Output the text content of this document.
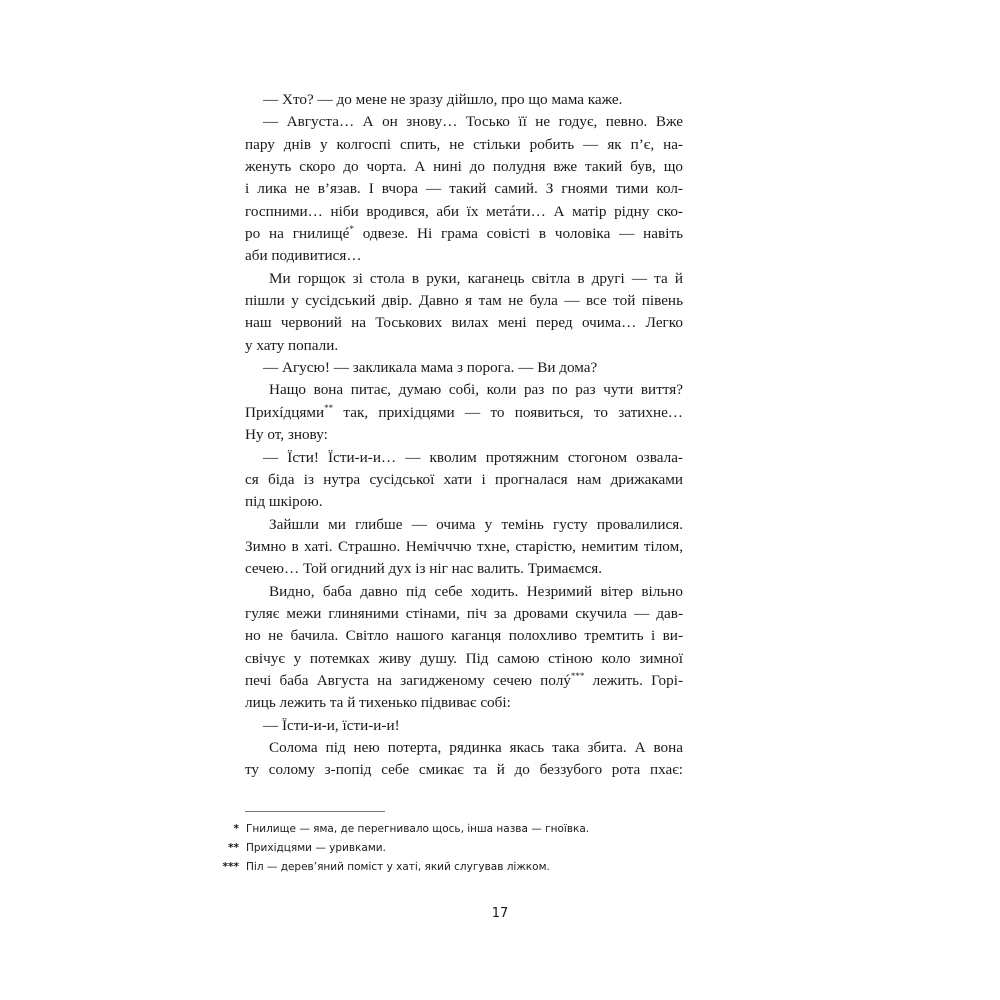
— Хто? — до мене не зразу дійшло, про що мама каже.

— Августа… А он знову… Тосько її не годує, певно. Вже
пару днів у колгоспі спить, не стільки робить — як п’є, на-
женуть скоро до чорта. А нині до полудня вже такий був, що
і лика не в’язав. І вчора — такий самий. З гноями тими кол-
госпними… ніби вродився, аби їх метáти… А матір рідну ско-
ро на гнилищé* одвезе. Ні грама совісті в чоловіка — навіть
аби подивитися…

Ми горщок зі стола в руки, каганець світла в другі — та й
пішли у сусідський двір. Давно я там не була — все той півень
наш червоний на Тоськових вилах мені перед очима… Легко
у хату попали.

— Агусю! — закликала мама з порога. — Ви дома?

Нащо вона питає, думаю собі, коли раз по раз чути виття?
Прихíдцями** так, прихідцями — то появиться, то затихне…
Ну от, знову:

— Їсти! Їсти-и-и… — кволим протяжним стогоном озвала-
ся біда із нутра сусідської хати і прогналася нам дрижаками
під шкірою.

Зайшли ми глибше — очима у темінь густу провалилися.
Зимно в хаті. Страшно. Немічччю тхне, старістю, немитим тілом,
сечею… Той огидний дух із ніг нас валить. Тримаємся.

Видно, баба давно під себе ходить. Незримий вітер вільно
гуляє межи глиняними стінами, піч за дровами скучила — дав-
но не бачила. Світло нашого каганця полохливо тремтить і ви-
свічує у потемках живу душу. Під самою стіною коло зимної
печі баба Августа на загидженому сечею полý*** лежить. Горі-
лиць лежить та й тихенько підвиває собі:

— Їсти-и-и, їсти-и-и!

Солома під нею потерта, рядинка якась така збита. А вона
ту солому з-попід себе смикає та й до беззубого рота пхає:

* Гнилище — яма, де перегнивало щось, інша назва — гноївка.
** Прихідцями — уривками.
*** Піл — дерев’яний поміст у хаті, який слугував ліжком.
17
